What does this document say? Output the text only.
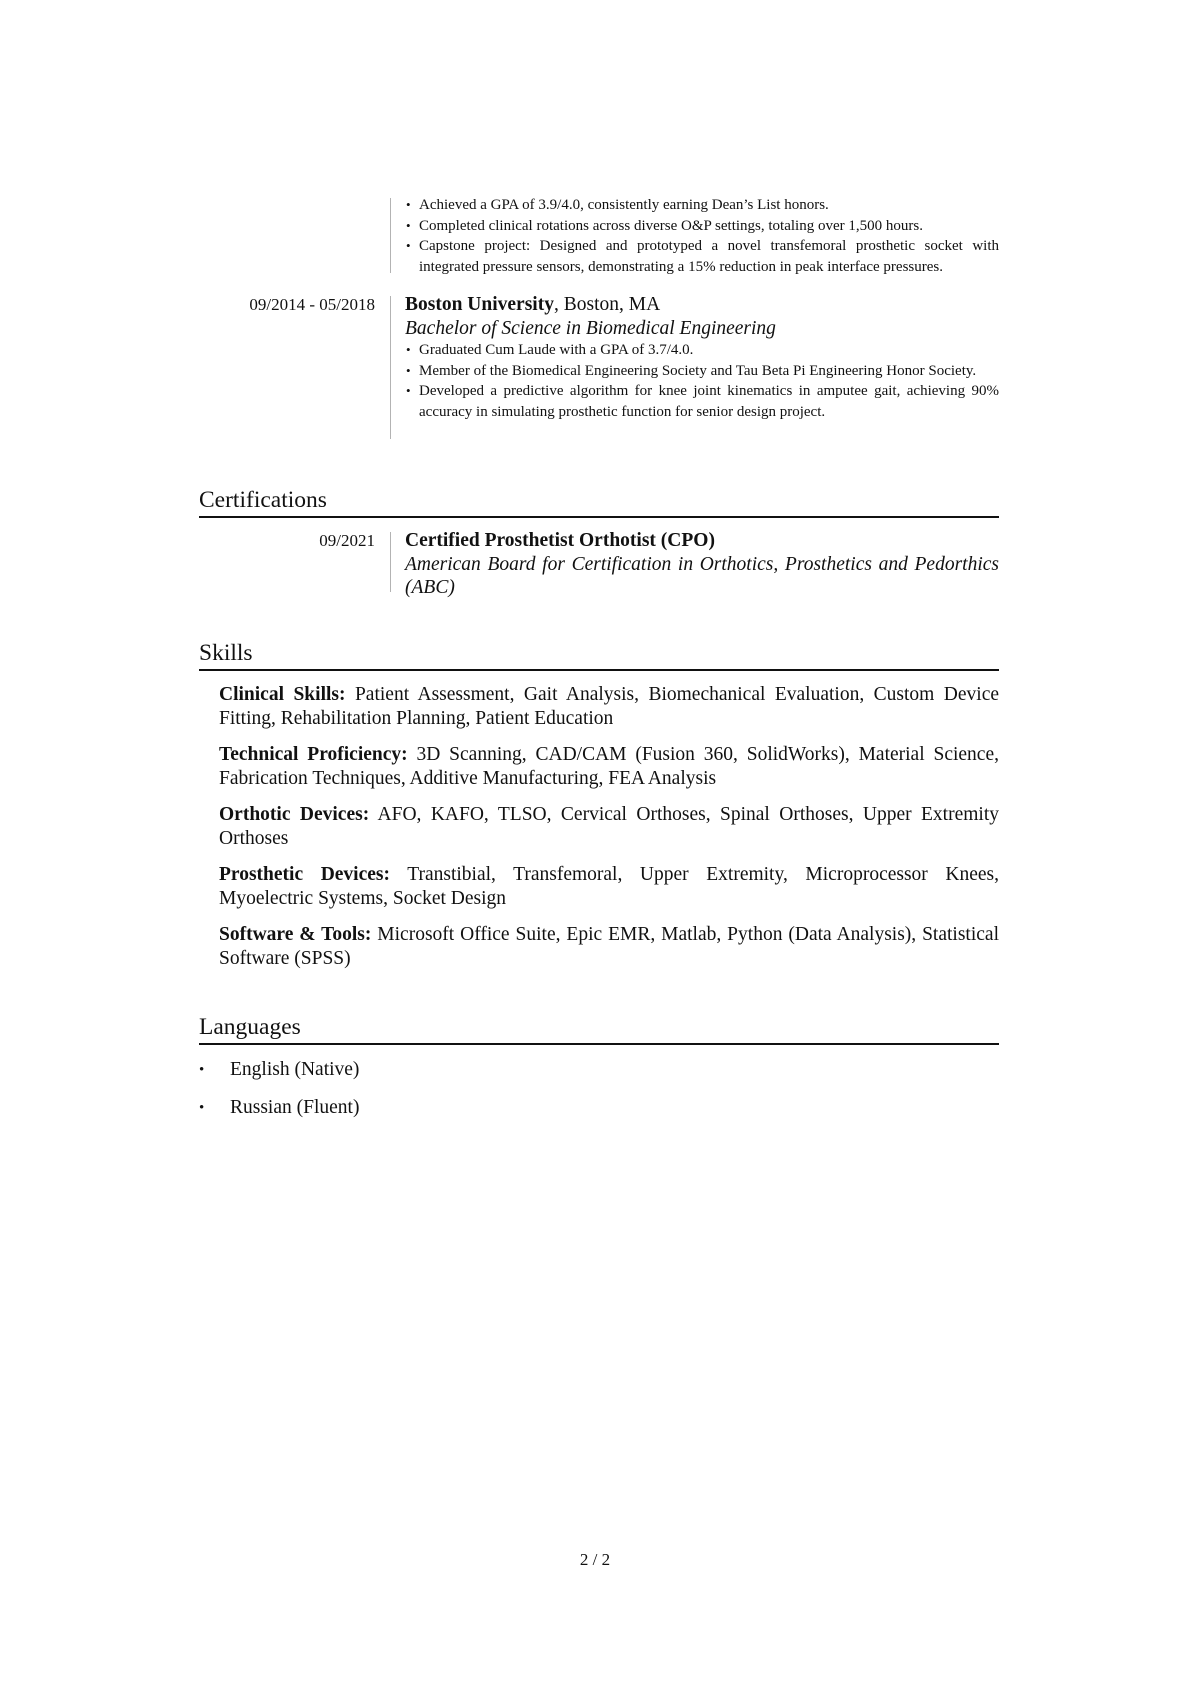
• Achieved a GPA of 3.9/4.0, consistently earning Dean’s List honors.
• Completed clinical rotations across diverse O&P settings, totaling over 1,500 hours.
• Capstone project: Designed and prototyped a novel transfemoral prosthetic socket with integrated pressure sensors, demonstrating a 15% reduction in peak interface pressures.
09/2014 - 05/2018 Boston University, Boston, MA
Bachelor of Science in Biomedical Engineering
• Graduated Cum Laude with a GPA of 3.7/4.0.
• Member of the Biomedical Engineering Society and Tau Beta Pi Engineering Honor Society.
• Developed a predictive algorithm for knee joint kinematics in amputee gait, achieving 90% accuracy in simulating prosthetic function for senior design project.
Certifications
09/2021 Certified Prosthetist Orthotist (CPO)
American Board for Certification in Orthotics, Prosthetics and Pedorthics (ABC)
Skills
Clinical Skills: Patient Assessment, Gait Analysis, Biomechanical Evaluation, Custom Device Fitting, Rehabilitation Planning, Patient Education
Technical Proficiency: 3D Scanning, CAD/CAM (Fusion 360, SolidWorks), Material Science, Fabrication Techniques, Additive Manufacturing, FEA Analysis
Orthotic Devices: AFO, KAFO, TLSO, Cervical Orthoses, Spinal Orthoses, Upper Extremity Orthoses
Prosthetic Devices: Transtibial, Transfemoral, Upper Extremity, Microprocessor Knees, Myoelectric Systems, Socket Design
Software & Tools: Microsoft Office Suite, Epic EMR, Matlab, Python (Data Analysis), Statistical Software (SPSS)
Languages
• English (Native)
• Russian (Fluent)
2 / 2
